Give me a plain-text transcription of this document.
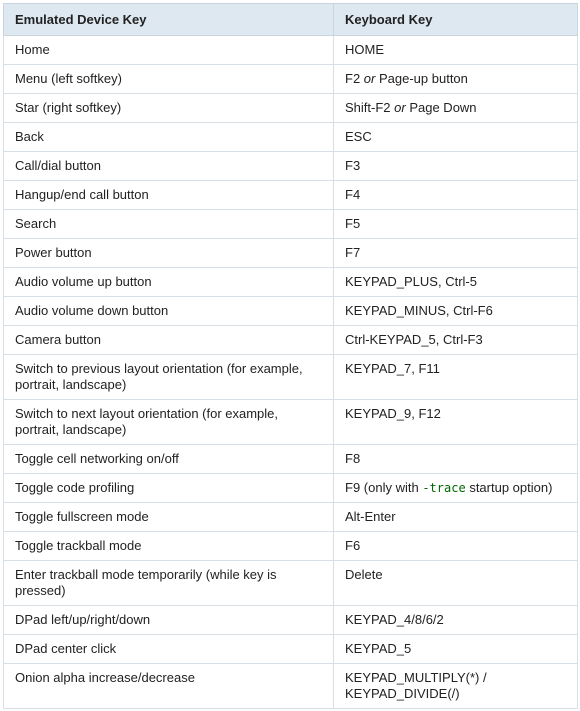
Emulated Device Key	Keyboard Key
Home	HOME
Menu (left softkey)	F2 or Page-up button
Star (right softkey)	Shift-F2 or Page Down
Back	ESC
Call/dial button	F3
Hangup/end call button	F4
Search	F5
Power button	F7
Audio volume up button	KEYPAD_PLUS, Ctrl-5
Audio volume down button	KEYPAD_MINUS, Ctrl-F6
Camera button	Ctrl-KEYPAD_5, Ctrl-F3
Switch to previous layout orientation (for example, portrait, landscape)	KEYPAD_7, F11
Switch to next layout orientation (for example, portrait, landscape)	KEYPAD_9, F12
Toggle cell networking on/off	F8
Toggle code profiling	F9 (only with -trace startup option)
Toggle fullscreen mode	Alt-Enter
Toggle trackball mode	F6
Enter trackball mode temporarily (while key is pressed)	Delete
DPad left/up/right/down	KEYPAD_4/8/6/2
DPad center click	KEYPAD_5
Onion alpha increase/decrease	KEYPAD_MULTIPLY(*) / KEYPAD_DIVIDE(/)
